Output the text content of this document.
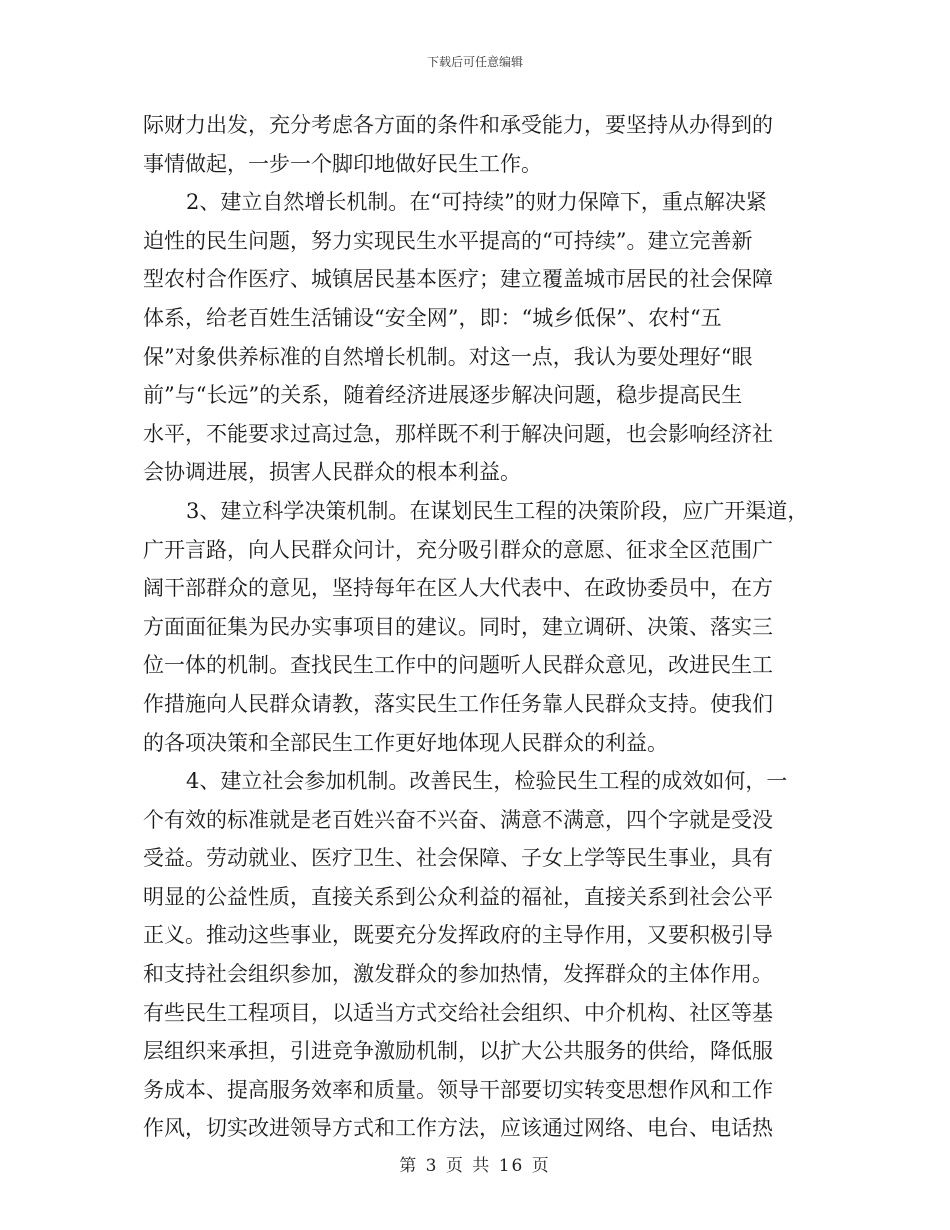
下载后可任意编辑
际财力出发，充分考虑各方面的条件和承受能力，要坚持从办得到的
事情做起，一步一个脚印地做好民生工作。
2、建立自然增长机制。在“可持续”的财力保障下，重点解决紧
迫性的民生问题，努力实现民生水平提高的“可持续”。建立完善新
型农村合作医疗、城镇居民基本医疗；建立覆盖城市居民的社会保障
体系，给老百姓生活铺设“安全网”，即：“城乡低保”、农村“五
保”对象供养标准的自然增长机制。对这一点，我认为要处理好“眼
前”与“长远”的关系，随着经济进展逐步解决问题，稳步提高民生
水平，不能要求过高过急，那样既不利于解决问题，也会影响经济社
会协调进展，损害人民群众的根本利益。
3、建立科学决策机制。在谋划民生工程的决策阶段，应广开渠道，
广开言路，向人民群众问计，充分吸引群众的意愿、征求全区范围广
阔干部群众的意见，坚持每年在区人大代表中、在政协委员中，在方
方面面征集为民办实事项目的建议。同时，建立调研、决策、落实三
位一体的机制。查找民生工作中的问题听人民群众意见，改进民生工
作措施向人民群众请教，落实民生工作任务靠人民群众支持。使我们
的各项决策和全部民生工作更好地体现人民群众的利益。
4、建立社会参加机制。改善民生，检验民生工程的成效如何，一
个有效的标准就是老百姓兴奋不兴奋、满意不满意，四个字就是受没
受益。劳动就业、医疗卫生、社会保障、子女上学等民生事业，具有
明显的公益性质，直接关系到公众利益的福祉，直接关系到社会公平
正义。推动这些事业，既要充分发挥政府的主导作用，又要积极引导
和支持社会组织参加，激发群众的参加热情，发挥群众的主体作用。
有些民生工程项目，以适当方式交给社会组织、中介机构、社区等基
层组织来承担，引进竞争激励机制，以扩大公共服务的供给，降低服
务成本、提高服务效率和质量。领导干部要切实转变思想作风和工作
作风，切实改进领导方式和工作方法，应该通过网络、电台、电话热
第 3 页 共 16 页
